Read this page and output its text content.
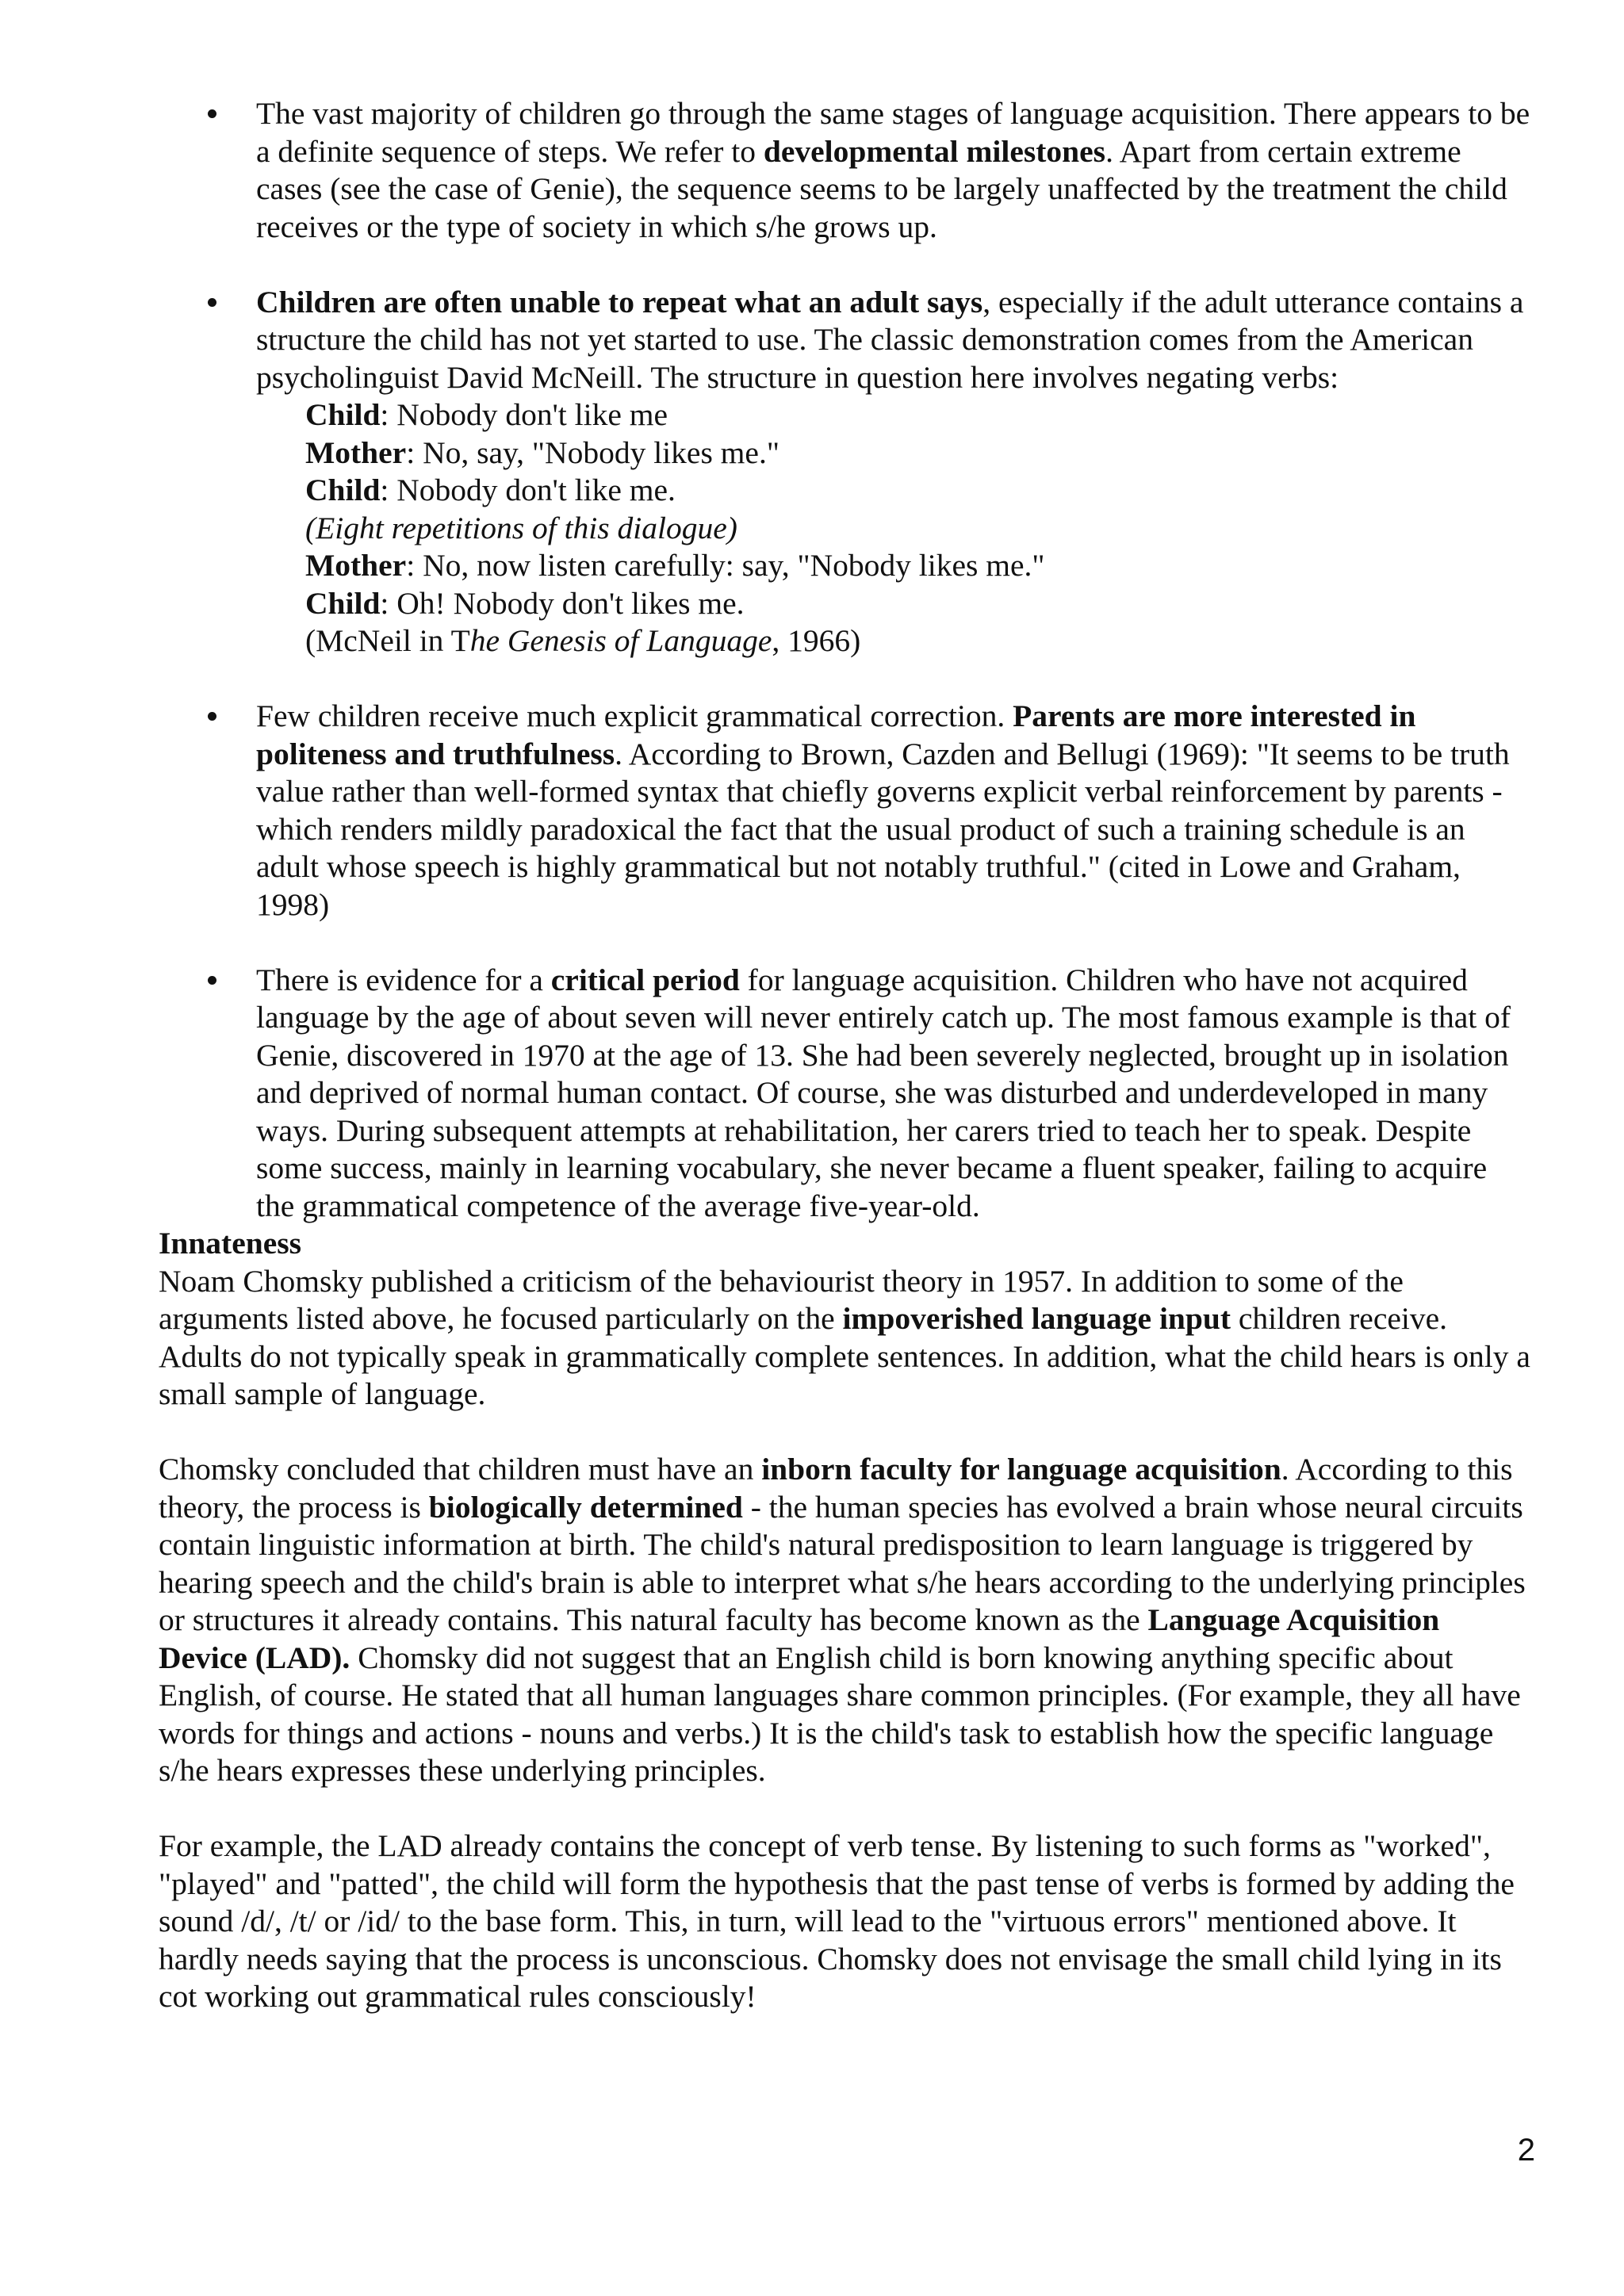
The vast majority of children go through the same stages of language acquisition. There appears to be a definite sequence of steps. We refer to developmental milestones. Apart from certain extreme cases (see the case of Genie), the sequence seems to be largely unaffected by the treatment the child receives or the type of society in which s/he grows up.
Children are often unable to repeat what an adult says, especially if the adult utterance contains a structure the child has not yet started to use. The classic demonstration comes from the American psycholinguist David McNeill. The structure in question here involves negating verbs:
Child: Nobody don't like me
Mother: No, say, "Nobody likes me."
Child: Nobody don't like me.
(Eight repetitions of this dialogue)
Mother: No, now listen carefully: say, "Nobody likes me."
Child: Oh! Nobody don't likes me.
(McNeil in The Genesis of Language, 1966)
Few children receive much explicit grammatical correction. Parents are more interested in politeness and truthfulness. According to Brown, Cazden and Bellugi (1969): "It seems to be truth value rather than well-formed syntax that chiefly governs explicit verbal reinforcement by parents - which renders mildly paradoxical the fact that the usual product of such a training schedule is an adult whose speech is highly grammatical but not notably truthful." (cited in Lowe and Graham, 1998)
There is evidence for a critical period for language acquisition. Children who have not acquired language by the age of about seven will never entirely catch up. The most famous example is that of Genie, discovered in 1970 at the age of 13. She had been severely neglected, brought up in isolation and deprived of normal human contact. Of course, she was disturbed and underdeveloped in many ways. During subsequent attempts at rehabilitation, her carers tried to teach her to speak. Despite some success, mainly in learning vocabulary, she never became a fluent speaker, failing to acquire the grammatical competence of the average five-year-old.

Innateness

Noam Chomsky published a criticism of the behaviourist theory in 1957. In addition to some of the arguments listed above, he focused particularly on the impoverished language input children receive. Adults do not typically speak in grammatically complete sentences. In addition, what the child hears is only a small sample of language.

Chomsky concluded that children must have an inborn faculty for language acquisition. According to this theory, the process is biologically determined - the human species has evolved a brain whose neural circuits contain linguistic information at birth. The child's natural predisposition to learn language is triggered by hearing speech and the child's brain is able to interpret what s/he hears according to the underlying principles or structures it already contains. This natural faculty has become known as the Language Acquisition Device (LAD). Chomsky did not suggest that an English child is born knowing anything specific about English, of course. He stated that all human languages share common principles. (For example, they all have words for things and actions - nouns and verbs.) It is the child's task to establish how the specific language s/he hears expresses these underlying principles.

For example, the LAD already contains the concept of verb tense. By listening to such forms as "worked", "played" and "patted", the child will form the hypothesis that the past tense of verbs is formed by adding the sound /d/, /t/ or /id/ to the base form. This, in turn, will lead to the "virtuous errors" mentioned above. It hardly needs saying that the process is unconscious. Chomsky does not envisage the small child lying in its cot working out grammatical rules consciously!

2
